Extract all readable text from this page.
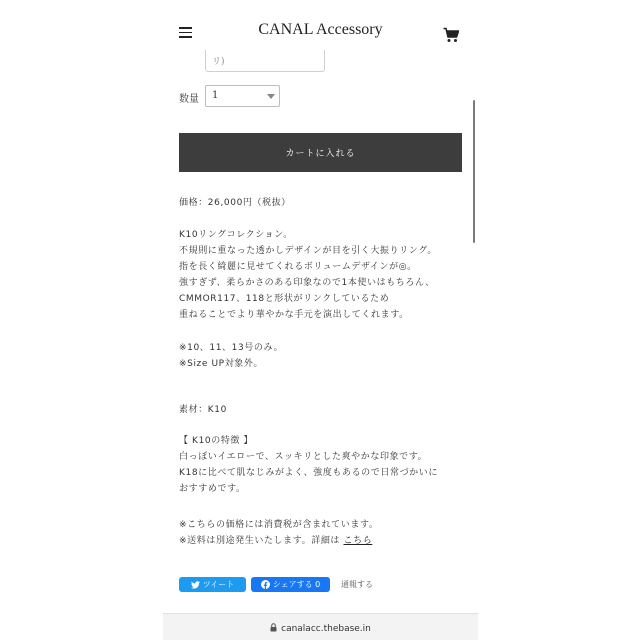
CANAL Accessory
リ)
数量 1
カートに入れる
価格：26,000円（税抜）
K10リングコレクション。
不規則に重なった透かしデザインが目を引く大振りリング。
指を長く綺麗に見せてくれるボリュームデザインが◎。
強すぎず、柔らかさのある印象なので1本使いはもちろん、
CMMOR117、118と形状がリンクしているため
重ねることでより華やかな手元を演出してくれます。
※10、11、13号のみ。
※Size UP対象外。
素材：K10
【 K10の特徴 】
白っぽいイエローで、スッキリとした爽やかな印象です。
K18に比べて肌なじみがよく、強度もあるので日常づかいに
おすすめです。
※こちらの価格には消費税が含まれています。
※送料は別途発生いたします。詳細は こちら
ツイート	シェアする 0	通報する
canalacc.thebase.in
